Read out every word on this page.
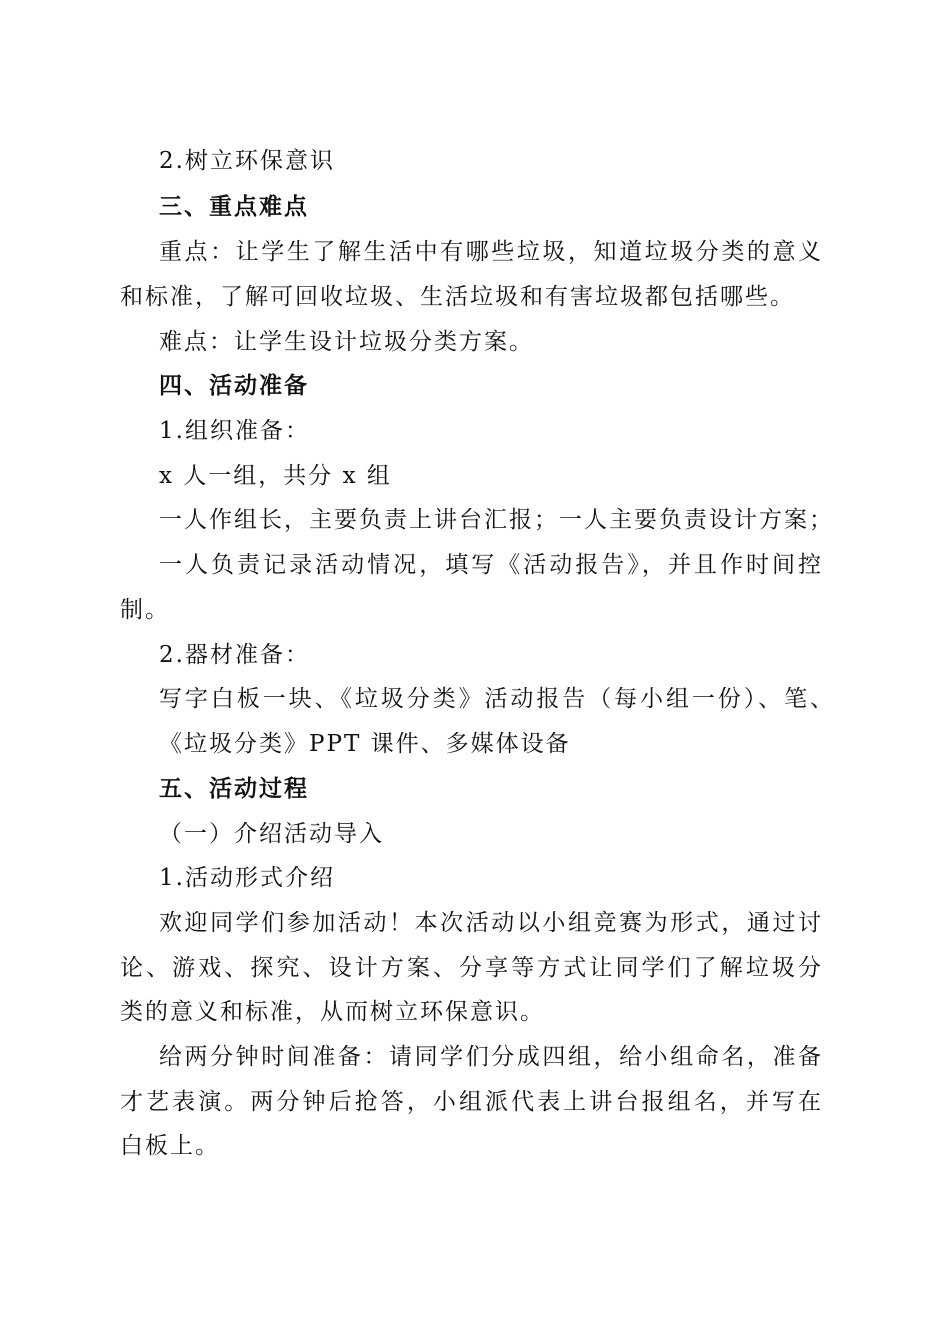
2.树立环保意识
三、重点难点
重点：让学生了解生活中有哪些垃圾，知道垃圾分类的意义
和标准，了解可回收垃圾、生活垃圾和有害垃圾都包括哪些。
难点：让学生设计垃圾分类方案。
四、活动准备
1.组织准备：
x 人一组，共分 x 组
一人作组长，主要负责上讲台汇报；一人主要负责设计方案；
一人负责记录活动情况，填写《活动报告》，并且作时间控
制。
2.器材准备：
写字白板一块、《垃圾分类》活动报告（每小组一份）、笔、
《垃圾分类》PPT 课件、多媒体设备
五、活动过程
（一）介绍活动导入
1.活动形式介绍
欢迎同学们参加活动！本次活动以小组竞赛为形式，通过讨
论、游戏、探究、设计方案、分享等方式让同学们了解垃圾分
类的意义和标准，从而树立环保意识。
给两分钟时间准备：请同学们分成四组，给小组命名，准备
才艺表演。两分钟后抢答，小组派代表上讲台报组名，并写在
白板上。
